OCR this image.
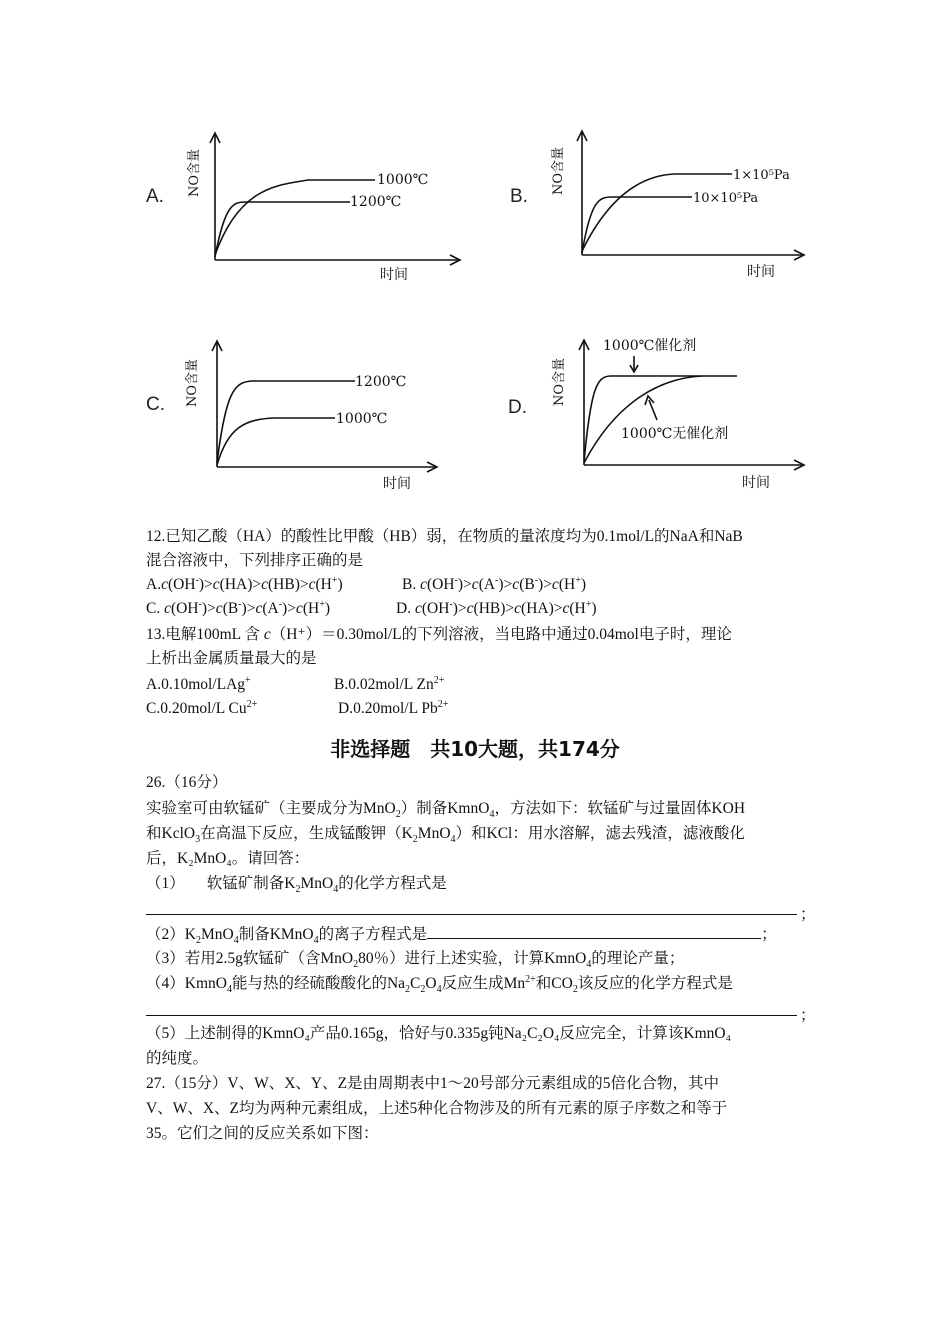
A. NO含量	1000℃
1200℃
时间
B.
NO含量	1×10⁵Pa
10×10⁵Pa
时间
C. NO含量	1200℃
1000℃
时间
D.
NO含量
1000℃催化剂
1000℃无催化剂
时间
12.已知乙酸（HA）的酸性比甲酸（HB）弱，在物质的量浓度均为0.1mol/L的NaA和NaB
混合溶液中，下列排序正确的是
A.c(OH-)>c(HA)>c(HB)>c(H+)	B. c(OH-)>c(A-)>c(B-)>c(H+)
C. c(OH-)>c(B-)>c(A-)>c(H+)	D. c(OH-)>c(HB)>c(HA)>c(H+)
13.电解100mL 含 c（H⁺）＝0.30mol/L的下列溶液，当电路中通过0.04mol电子时，理论
上析出金属质量最大的是
A.0.10mol/LAg+	B.0.02mol/L $Zn^{2+}$
C.0.20mol/L $Cu^{2+}$	D.0.20mol/L $Pb^{2+}$
非选择题　共10大题，共174分
26.（16分）
实验室可由软锰矿（主要成分为MnO$_2$）制备KmnO$_4$，方法如下：软锰矿与过量固体KOH
和KclO$_3$在高温下反应，生成锰酸钾$(K_2MnO_4)$和KCl：用水溶解，滤去残渣，滤液酸化
后，K₂MnO₄。请回答：
（1） 软锰矿制备$K_2MnO_4$的化学方程式是
；
$(2)K_2MnO_4$制备KMnO$_4$的离子方程式是	；
（3）若用2.5g软锰矿（含MnO$_2$80％）进行上述实验，计算KmnO$_4$的理论产量；
（4）KmnO$_4$能与热的经硫酸酸化的$Na_2C_2O_4$反应生成$Mn^{2+}$和$CO_2$该反应的化学方程式是
；
（5）上述制得的KmnO₄产品0.165g，恰好与0.335g钝Na₂C₂O₄反应完全，计算该KmnO₄
的纯度。
27.（15分）V、W、X、Y、Z是由周期表中1～20号部分元素组成的5倍化合物，其中
V、W、X、Z均为两种元素组成，上述5种化合物涉及的所有元素的原子序数之和等于
35。它们之间的反应关系如下图：
